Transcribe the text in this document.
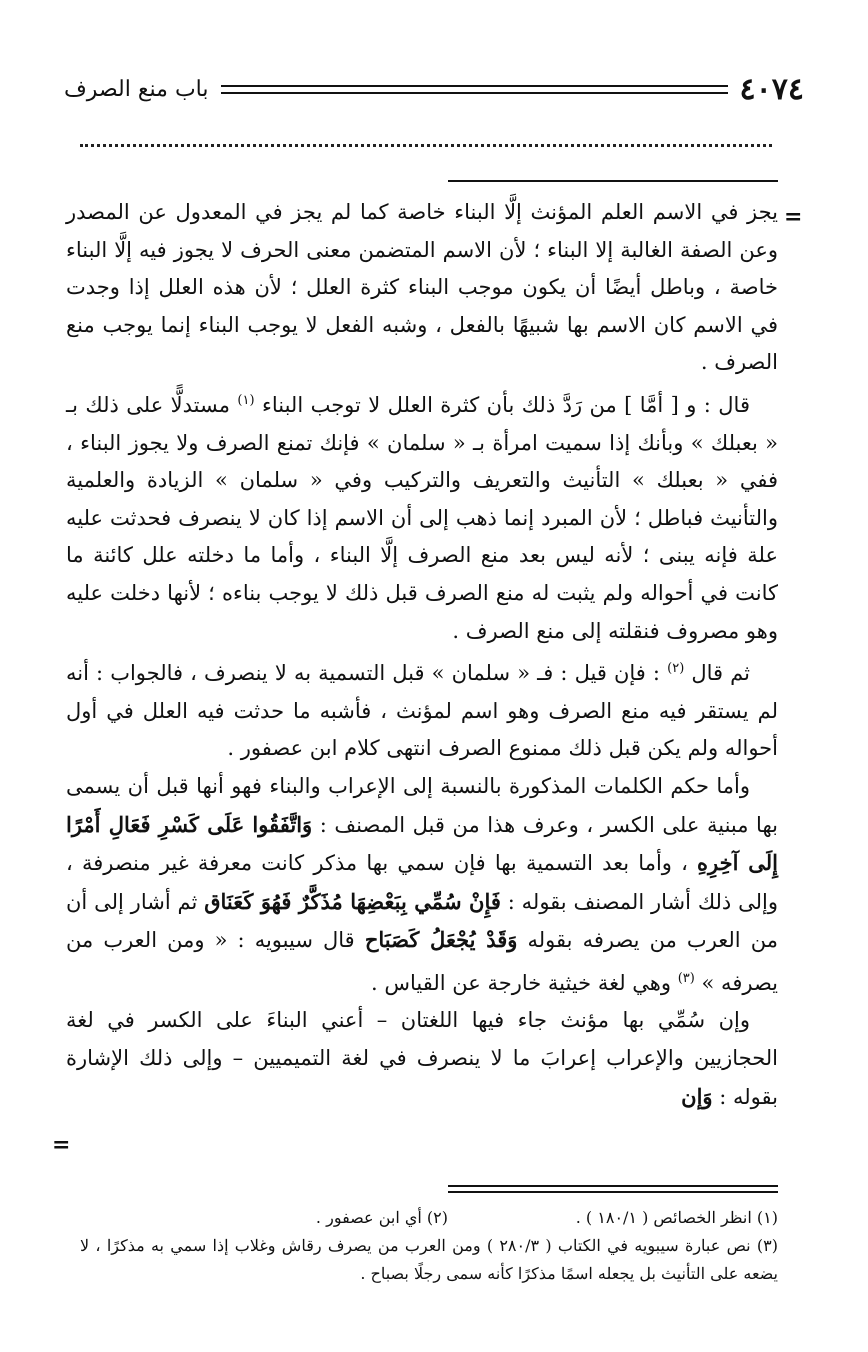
٤٠٧٤
باب منع الصرف
=

يجز في الاسم العلم المؤنث إلَّا البناء خاصة كما لم يجز في المعدول عن المصدر وعن الصفة الغالبة إلا البناء ؛ لأن الاسم المتضمن معنى الحرف لا يجوز فيه إلَّا البناء خاصة ، وباطل أيضًا أن يكون موجب البناء كثرة العلل ؛ لأن هذه العلل إذا وجدت في الاسم كان الاسم بها شبيهًا بالفعل ، وشبه الفعل لا يوجب البناء إنما يوجب منع الصرف .

قال : و [ أمَّا ] من رَدَّ ذلك بأن كثرة العلل لا توجب البناء $^{(١)}$ مستدلًّا على ذلك بـ « بعبلك » وبأنك إذا سميت امرأة بـ « سلمان » فإنك تمنع الصرف ولا يجوز البناء ، ففي « بعبلك » التأنيث والتعريف والتركيب وفي « سلمان » الزيادة والعلمية والتأنيث فباطل ؛ لأن المبرد إنما ذهب إلى أن الاسم إذا كان لا ينصرف فحدثت عليه علة فإنه يبنى ؛ لأنه ليس بعد منع الصرف إلَّا البناء ، وأما ما دخلته علل كائنة ما كانت في أحواله ولم يثبت له منع الصرف قبل ذلك لا يوجب بناءه ؛ لأنها دخلت عليه وهو مصروف فنقلته إلى منع الصرف .

ثم قال $^{(٢)}$ : فإن قيل : فـ « سلمان » قبل التسمية به لا ينصرف ، فالجواب : أنه لم يستقر فيه منع الصرف وهو اسم لمؤنث ، فأشبه ما حدثت فيه العلل في أول أحواله ولم يكن قبل ذلك ممنوع الصرف انتهى كلام ابن عصفور .

وأما حكم الكلمات المذكورة بالنسبة إلى الإعراب والبناء فهو أنها قبل أن يسمى بها مبنية على الكسر ، وعرف هذا من قبل المصنف : وَاتَّفَقُوا عَلَى كَسْرِ فَعَالِ أَمْرًا إِلَى آخِرِهِ ، وأما بعد التسمية بها فإن سمي بها مذكر كانت معرفة غير منصرفة ، وإلى ذلك أشار المصنف بقوله : فَإِنْ سُمِّي بِبَعْضِهَا مُذَكَّرٌ فَهُوَ كَعَنَاق ثم أشار إلى أن من العرب من يصرفه بقوله وَقَدْ يُجْعَلُ كَصَبَاح قال سيبويه : « ومن العرب من يصرفه » $^{(٣)}$ وهي لغة خيثية خارجة عن القياس .

وإن سُمِّي بها مؤنث جاء فيها اللغتان – أعني البناءَ على الكسر في لغة الحجازيين والإعراب إعرابَ ما لا ينصرف في لغة التميميين – وإلى ذلك الإشارة بقوله : وَإن

=
(١) انظر الخصائص ( ١٨٠/١ ) .
(٢) أي ابن عصفور .
(٣) نص عبارة سيبويه في الكتاب ( ٢٨٠/٣ ) ومن العرب من يصرف رقاش وغلاب إذا سمي به مذكرًا ، لا يضعه على التأنيث بل يجعله اسمًا مذكرًا كأنه سمى رجلًا بصباح .
